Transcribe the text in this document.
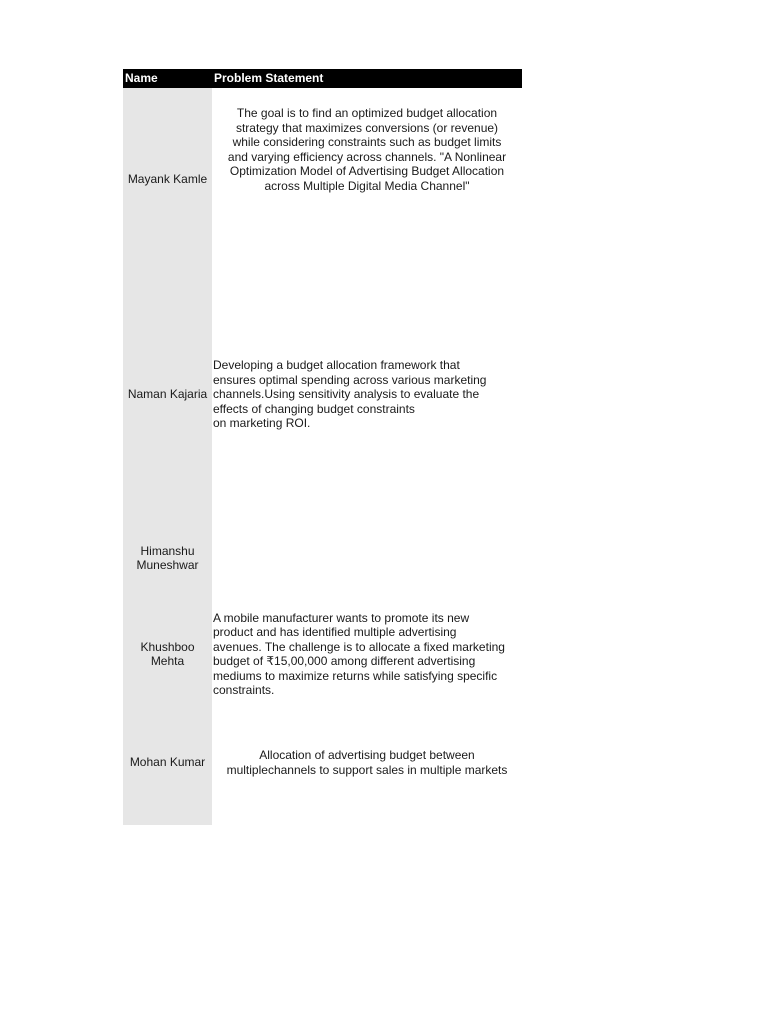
Name	Problem Statement
Mayank Kamle
The goal is to find an optimized budget allocation
strategy that maximizes conversions (or revenue)
while considering constraints such as budget limits
and varying efficiency across channels. "A Nonlinear
Optimization Model of Advertising Budget Allocation
across Multiple Digital Media Channel"
Naman Kajaria
Developing a budget allocation framework that
ensures optimal spending across various marketing
channels.Using sensitivity analysis to evaluate the
effects of changing budget constraints
on marketing ROI.
Himanshu Muneshwar
Khushboo Mehta
A mobile manufacturer wants to promote its new
product and has identified multiple advertising
avenues. The challenge is to allocate a fixed marketing
budget of ₹15,00,000 among different advertising
mediums to maximize returns while satisfying specific
constraints.
Mohan Kumar
Allocation of advertising budget between
multiplechannels to support sales in multiple markets
